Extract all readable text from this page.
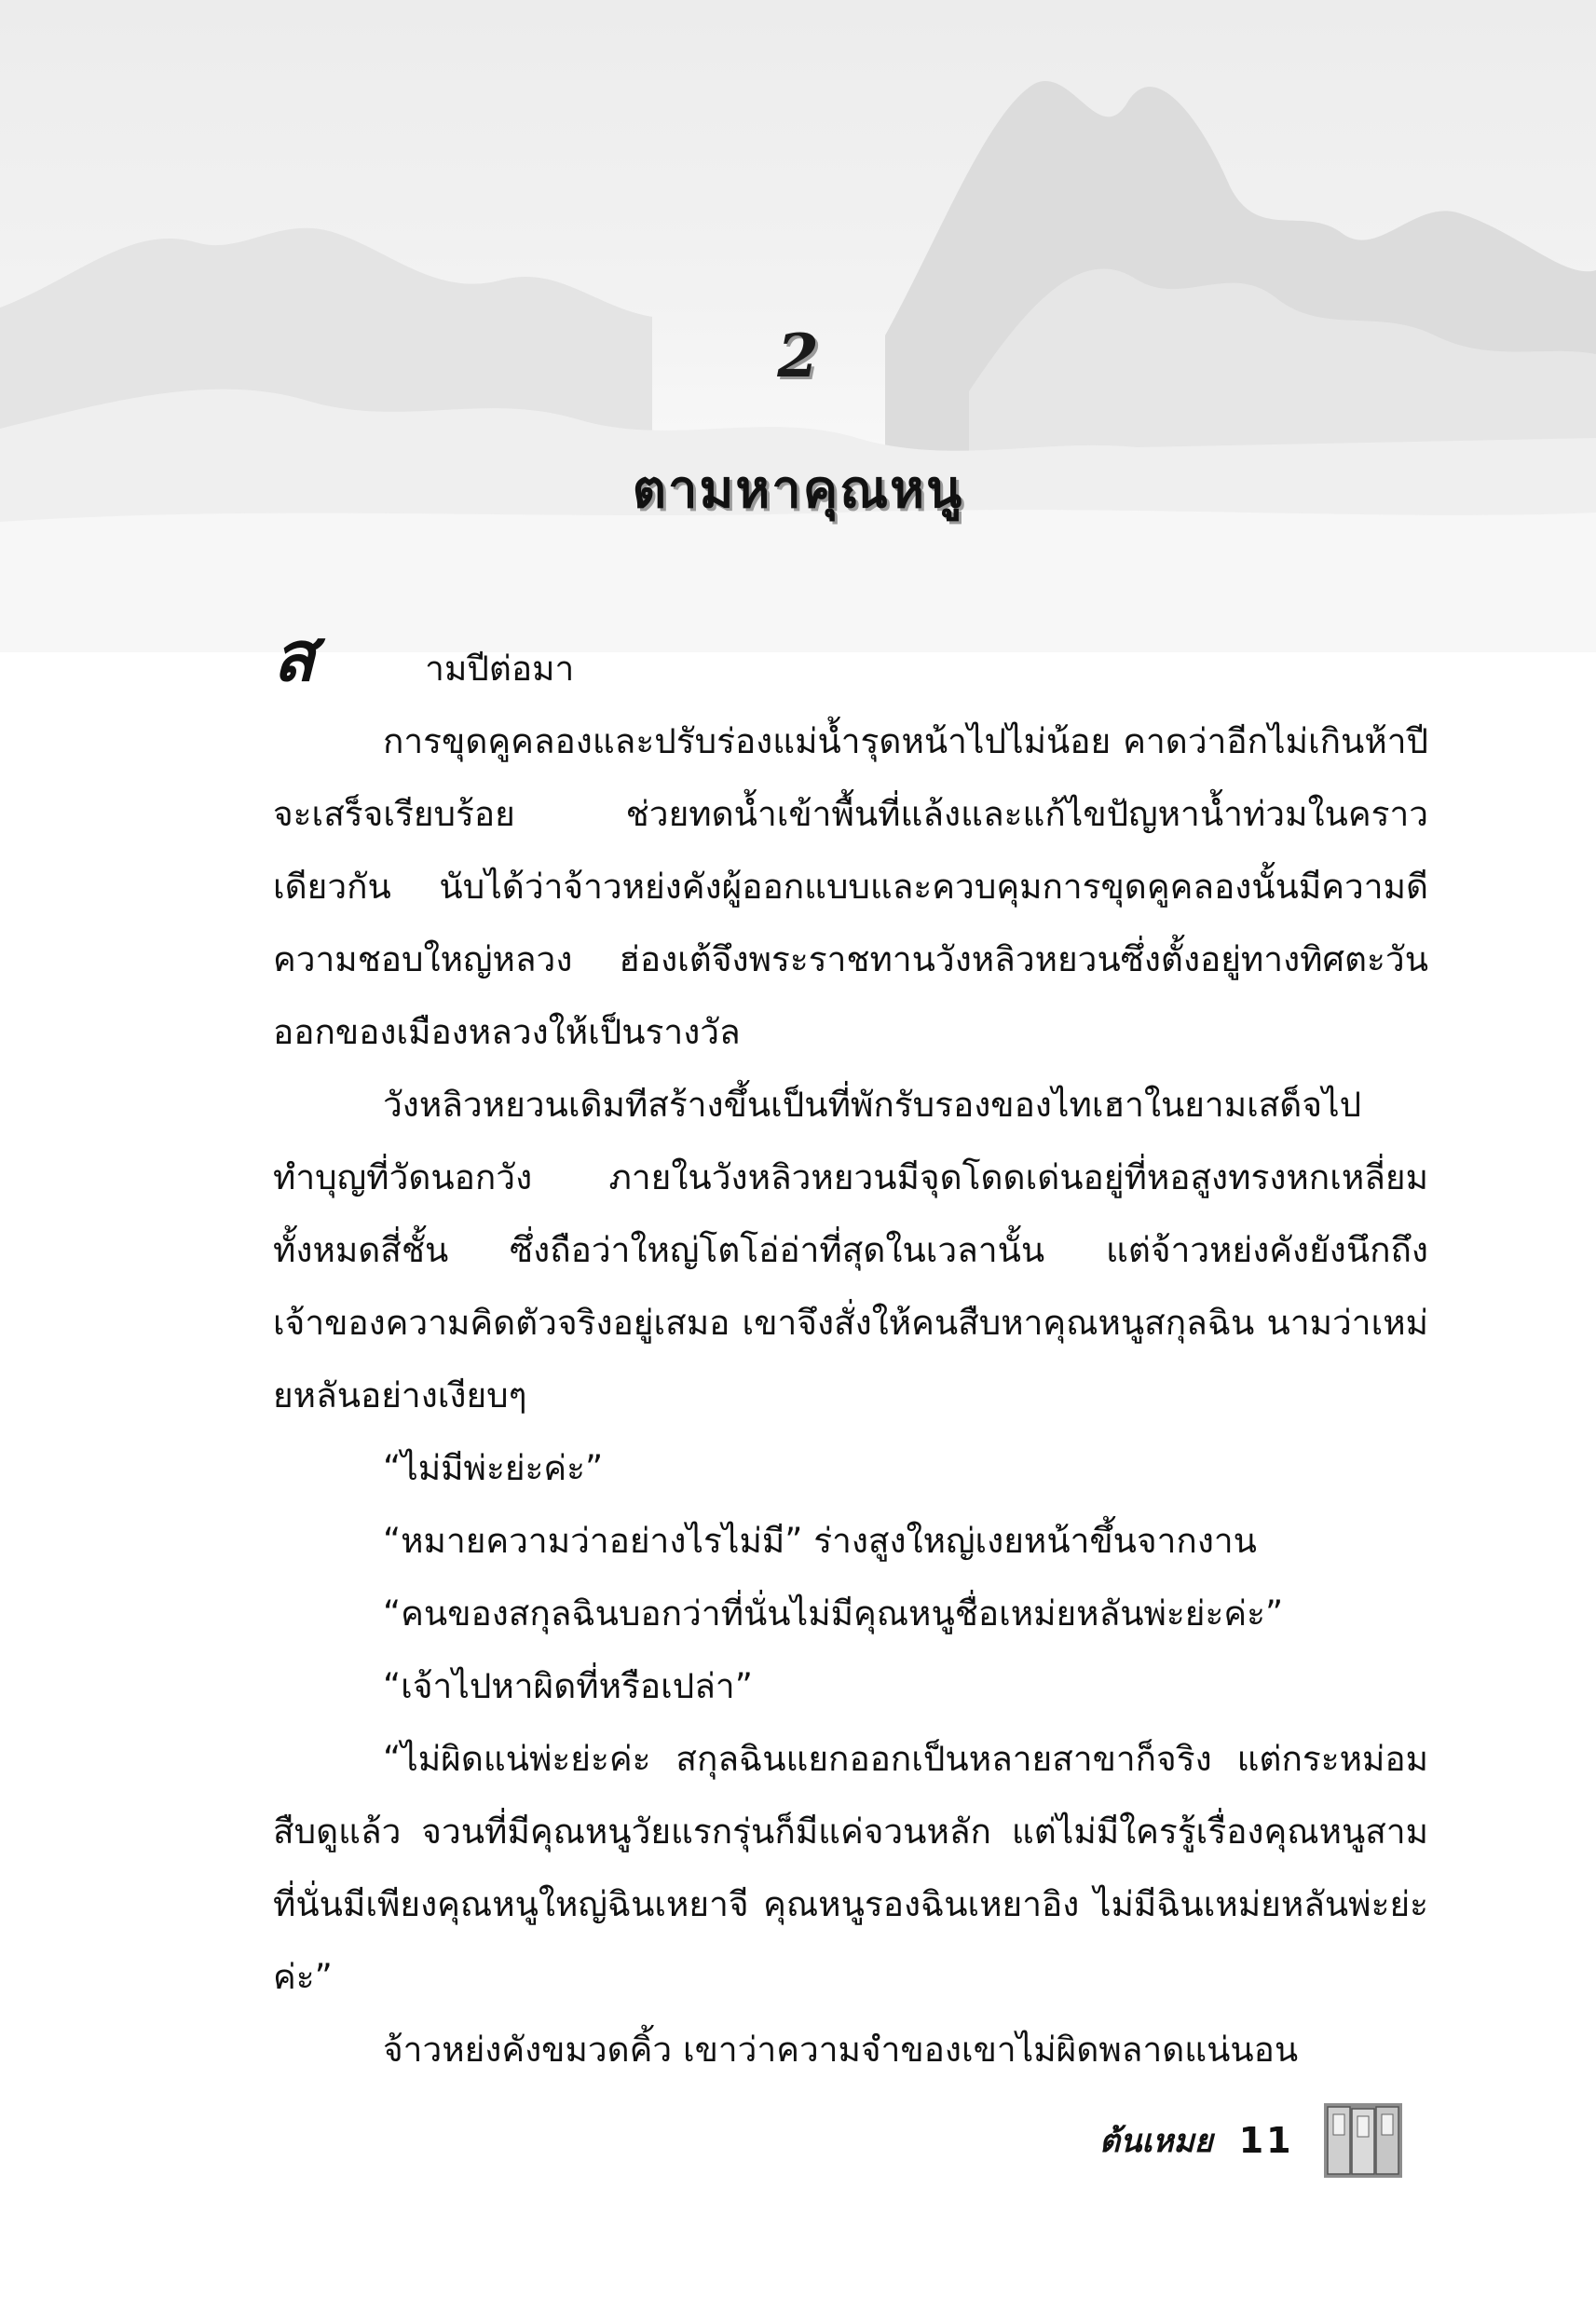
2
ตามหาคุณหนู

ส	ามปีต่อมา

การขุดคูคลองและปรับร่องแม่น้ำรุดหน้าไปไม่น้อย คาดว่าอีกไม่เกินห้าปีจะเสร็จเรียบร้อย ช่วยทดน้ำเข้าพื้นที่แล้งและแก้ไขปัญหาน้ำท่วมในคราวเดียวกัน นับได้ว่าจ้าวหย่งคังผู้ออกแบบและควบคุมการขุดคูคลองนั้นมีความดีความชอบใหญ่หลวง ฮ่องเต้จึงพระราชทานวังหลิวหยวนซึ่งตั้งอยู่ทางทิศตะวันออกของเมืองหลวงให้เป็นรางวัล

วังหลิวหยวนเดิมทีสร้างขึ้นเป็นที่พักรับรองของไทเฮาในยามเสด็จไปทำบุญที่วัดนอกวัง ภายในวังหลิวหยวนมีจุดโดดเด่นอยู่ที่หอสูงทรงหกเหลี่ยมทั้งหมดสี่ชั้น ซึ่งถือว่าใหญ่โตโอ่อ่าที่สุดในเวลานั้น แต่จ้าวหย่งคังยังนึกถึงเจ้าของความคิดตัวจริงอยู่เสมอ เขาจึงสั่งให้คนสืบหาคุณหนูสกุลฉิน นามว่าเหม่ยหลันอย่างเงียบๆ

“ไม่มีพ่ะย่ะค่ะ”

“หมายความว่าอย่างไรไม่มี” ร่างสูงใหญ่เงยหน้าขึ้นจากงาน

“คนของสกุลฉินบอกว่าที่นั่นไม่มีคุณหนูชื่อเหม่ยหลันพ่ะย่ะค่ะ”

“เจ้าไปหาผิดที่หรือเปล่า”

“ไม่ผิดแน่พ่ะย่ะค่ะ สกุลฉินแยกออกเป็นหลายสาขาก็จริง แต่กระหม่อมสืบดูแล้ว จวนที่มีคุณหนูวัยแรกรุ่นก็มีแค่จวนหลัก แต่ไม่มีใครรู้เรื่องคุณหนูสาม ที่นั่นมีเพียงคุณหนูใหญ่ฉินเหยาจี คุณหนูรองฉินเหยาอิง ไม่มีฉินเหม่ยหลันพ่ะย่ะค่ะ”

จ้าวหย่งคังขมวดคิ้ว เขาว่าความจำของเขาไม่ผิดพลาดแน่นอน

ต้นเหมย 11
